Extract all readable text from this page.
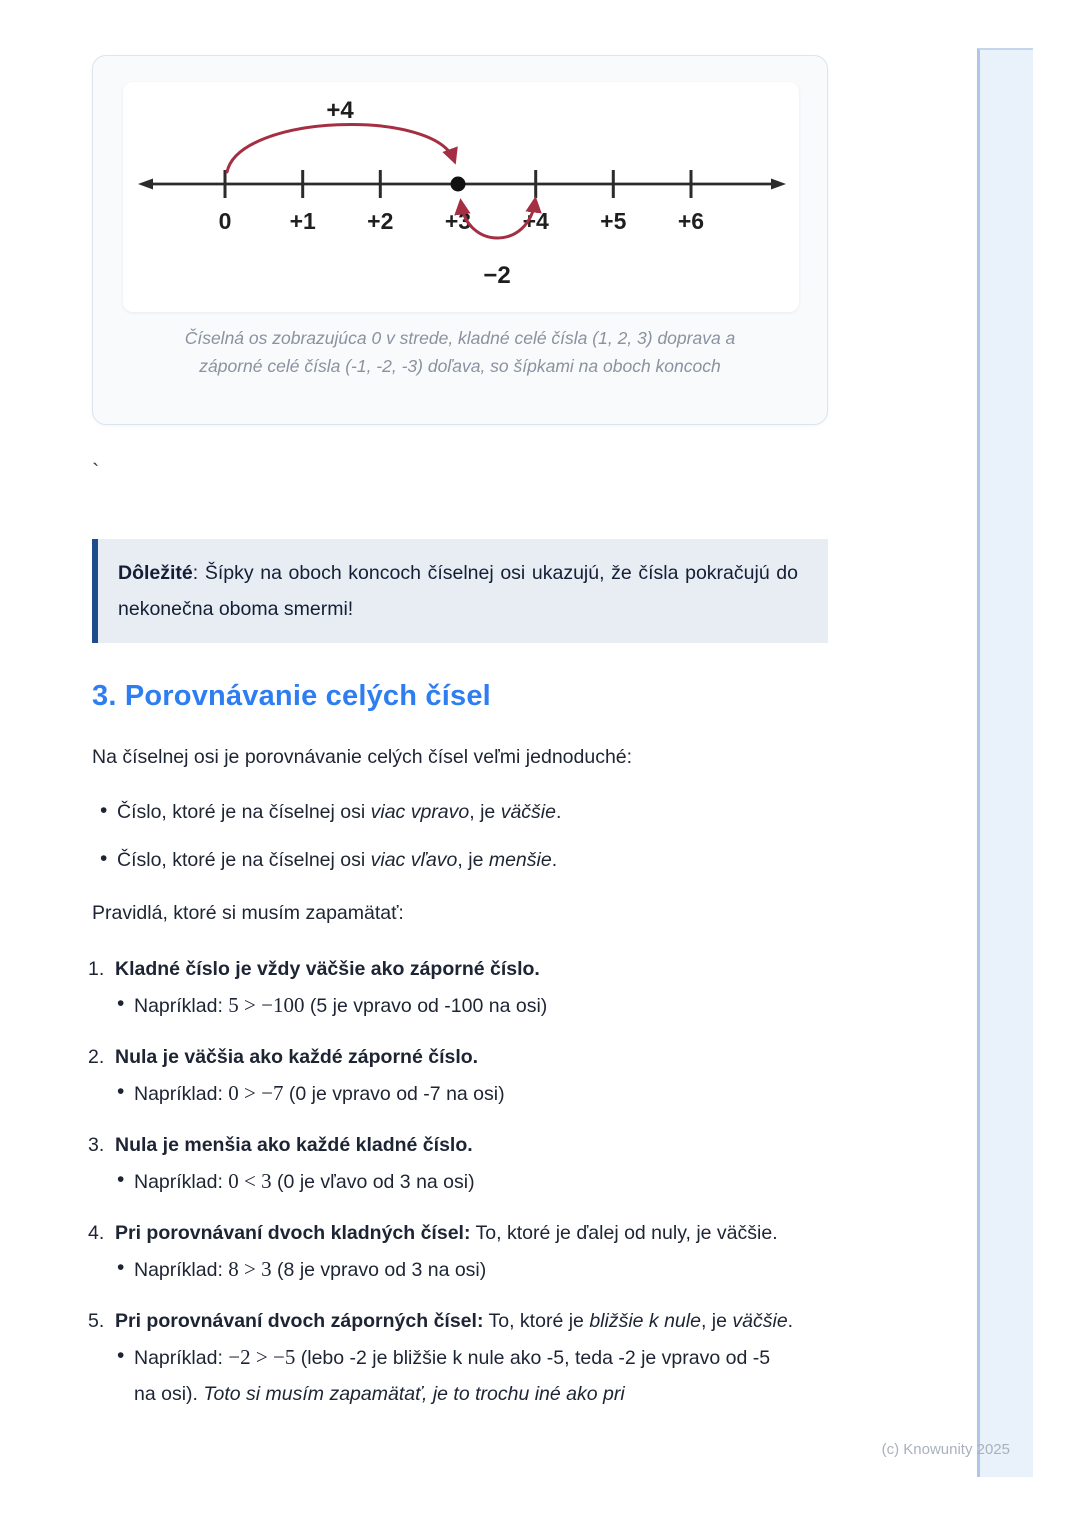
0	+1 +2 +3 +4 +5 +6
+4
−2
Číselná os zobrazujúca 0 v strede, kladné celé čísla (1, 2, 3) doprava a
záporné celé čísla (-1, -2, -3) doľava, so šípkami na oboch koncoch
`
Dôležité: Šípky na oboch koncoch číselnej osi ukazujú, že čísla pokračujú do nekonečna oboma smermi!
3. Porovnávanie celých čísel

Na číselnej osi je porovnávanie celých čísel veľmi jednoduché:

• Číslo, ktoré je na číselnej osi viac vpravo, je väčšie.
• Číslo, ktoré je na číselnej osi viac vľavo, je menšie.

Pravidlá, ktoré si musím zapamätať:

1. Kladné číslo je vždy väčšie ako záporné číslo.
• Napríklad: 5 > −100 (5 je vpravo od -100 na osi)
2. Nula je väčšia ako každé záporné číslo.
• Napríklad: 0 > −7 (0 je vpravo od -7 na osi)
3. Nula je menšia ako každé kladné číslo.
• Napríklad: 0 < 3 (0 je vľavo od 3 na osi)
4. Pri porovnávaní dvoch kladných čísel: To, ktoré je ďalej od nuly, je väčšie.
• Napríklad: 8 > 3 (8 je vpravo od 3 na osi)
5. Pri porovnávaní dvoch záporných čísel: To, ktoré je bližšie k nule, je väčšie.
• Napríklad: −2 > −5 (lebo -2 je bližšie k nule ako -5, teda -2 je vpravo od -5 na osi). Toto si musím zapamätať, je to trochu iné ako pri
(c) Knowunity 2025
